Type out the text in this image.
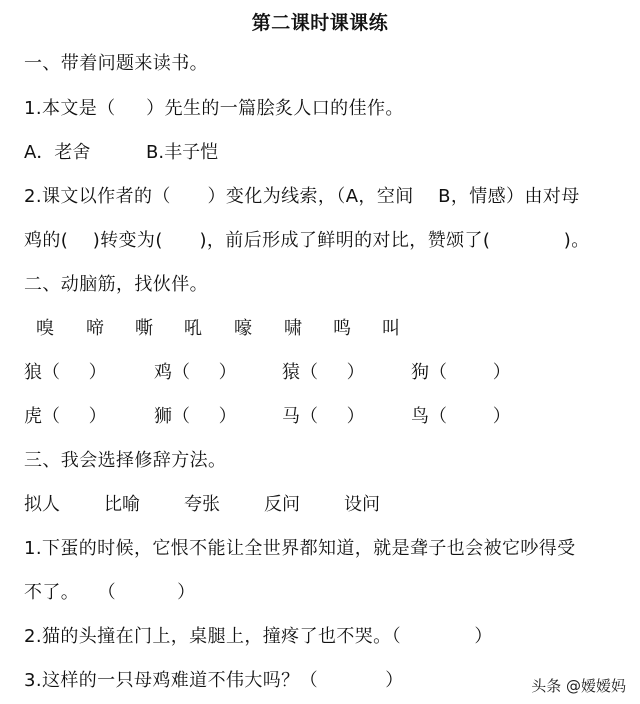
第二课时课课练
一、带着问题来读书。
1.本文是（     ）先生的一篇脍炙人口的佳作。
A．老舍	B.丰子恺
2.课文以作者的（      ）变化为线索，（A，空间    B，情感）由对母
鸡的(    )转变为(      )，前后形成了鲜明的对比，赞颂了(            )。
二、动脑筋，找伙伴。
嗅 啼 嘶 吼 嚎 啸 鸣 叫
狼（     ）	鸡（     ）	猿（     ）	狗（        ）
虎（     ）	狮（     ）	马（     ）	鸟（        ）
三、我会选择修辞方法。
拟人 比喻 夸张 反问 设问
1.下蛋的时候，它恨不能让全世界都知道，就是聋子也会被它吵得受
不了。   （          ）
2.猫的头撞在门上，桌腿上，撞疼了也不哭。（            ）
3.这样的一只母鸡难道不伟大吗？（           ）	头条 @嫒嫒妈
